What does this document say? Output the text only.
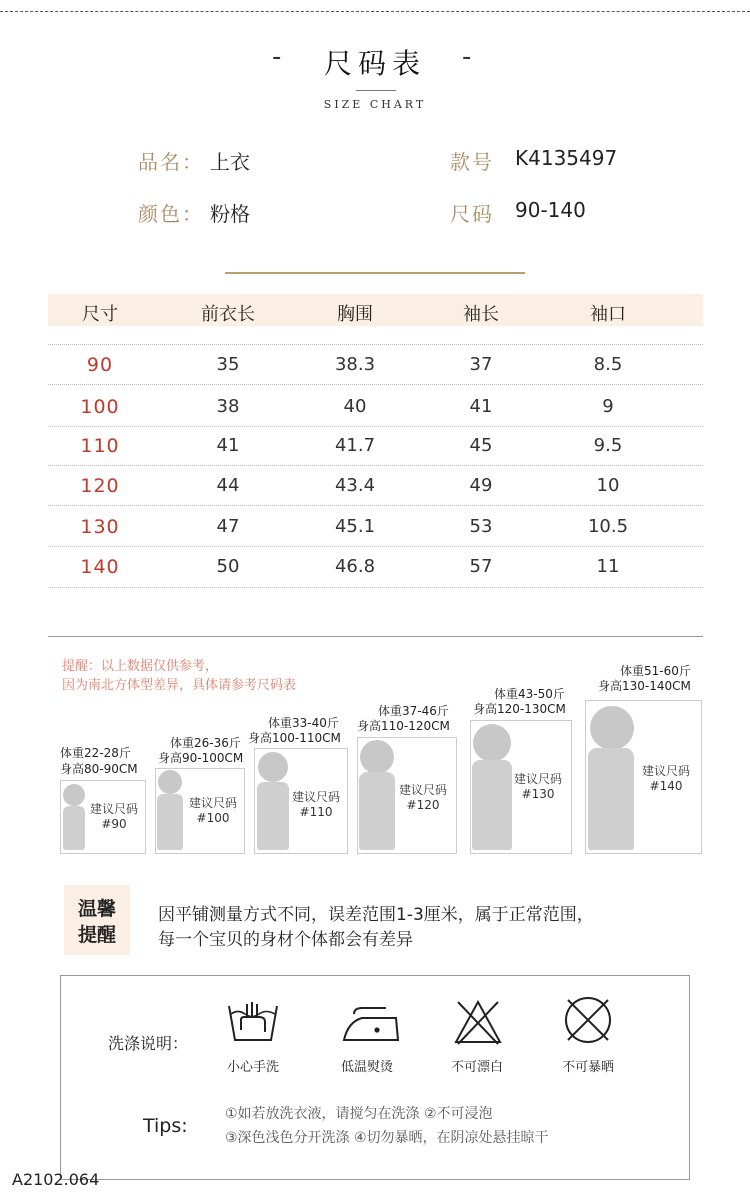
-	尺码表	-
SIZE CHART
品名： 上衣	款号 K4135497
颜色： 粉格	尺码 90-140
尺寸	前衣长	胸围	袖长	袖口
90	35	38.3	37	8.5
100	38	40	41	9
110	41	41.7	45	9.5
120	44	43.4	49	10
130	47	45.1	53	10.5
140	50	46.8	57	11
提醒：以上数据仅供参考，
因为南北方体型差异，具体请参考尺码表
体重22-28斤
身高80-90CM
建议尺码
#90
体重26-36斤
身高90-100CM
建议尺码
#100
体重33-40斤
身高100-110CM
建议尺码
#110
体重37-46斤
身高110-120CM
建议尺码
#120
体重43-50斤
身高120-130CM
建议尺码
#130
体重51-60斤
身高130-140CM
建议尺码
#140
温馨
提醒
因平铺测量方式不同，误差范围1-3厘米，属于正常范围，
每一个宝贝的身材个体都会有差异
洗涤说明：
小心手洗	低温熨烫	不可漂白	不可暴晒
Tips:
①如若放洗衣液，请搅匀在洗涤 ②不可浸泡
③深色浅色分开洗涤 ④切勿暴晒，在阴凉处悬挂晾干
A2102.064
